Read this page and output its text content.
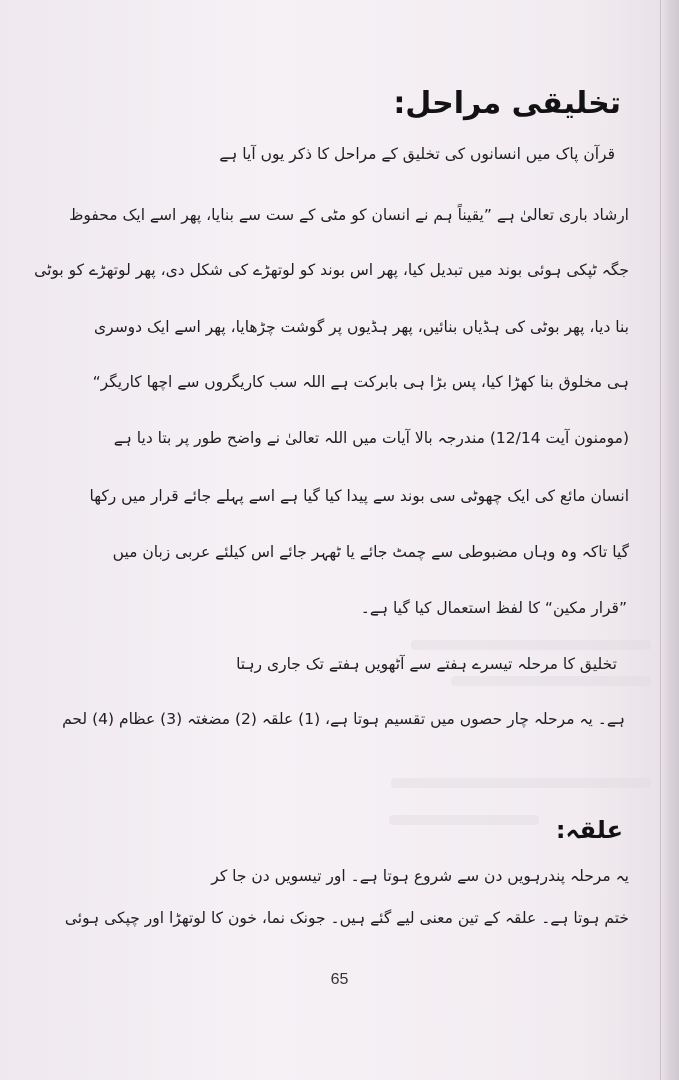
تخلیقی مراحل:

قرآن پاک میں انسانوں کی تخلیق کے مراحل کا ذکر یوں آیا ہے

ارشاد باری تعالیٰ ہے ”یقیناً ہم نے انسان کو مٹی کے ست سے بنایا، پھر اسے ایک محفوظ

جگہ ٹپکی ہوئی بوند میں تبدیل کیا، پھر اس بوند کو لوتھڑے کی شکل دی، پھر لوتھڑے کو بوٹی

بنا دیا، پھر بوٹی کی ہڈیاں بنائیں، پھر ہڈیوں پر گوشت چڑھایا، پھر اسے ایک دوسری

ہی مخلوق بنا کھڑا کیا، پس بڑا ہی بابرکت ہے اللہ سب کاریگروں سے اچھا کاریگر“

(مومنون آیت 12/14) مندرجہ بالا آیات میں اللہ تعالیٰ نے واضح طور پر بتا دیا ہے

انسان مائع کی ایک چھوٹی سی بوند سے پیدا کیا گیا ہے اسے پہلے جائے قرار میں رکھا

گیا تاکہ وہ وہاں مضبوطی سے چمٹ جائے یا ٹھہر جائے اس کیلئے عربی زبان میں

”قرار مکین“ کا لفظ استعمال کیا گیا ہے۔

تخلیق کا مرحلہ تیسرے ہفتے سے آٹھویں ہفتے تک جاری رہتا

ہے۔ یہ مرحلہ چار حصوں میں تقسیم ہوتا ہے، (1) علقہ (2) مضغتہ (3) عظام (4) لحم

علقہ:

یہ مرحلہ پندرہویں دن سے شروع ہوتا ہے۔ اور تیسویں دن جا کر

ختم ہوتا ہے۔ علقہ کے تین معنی لیے گئے ہیں۔ جونک نما، خون کا لوتھڑا اور چپکی ہوئی

65
